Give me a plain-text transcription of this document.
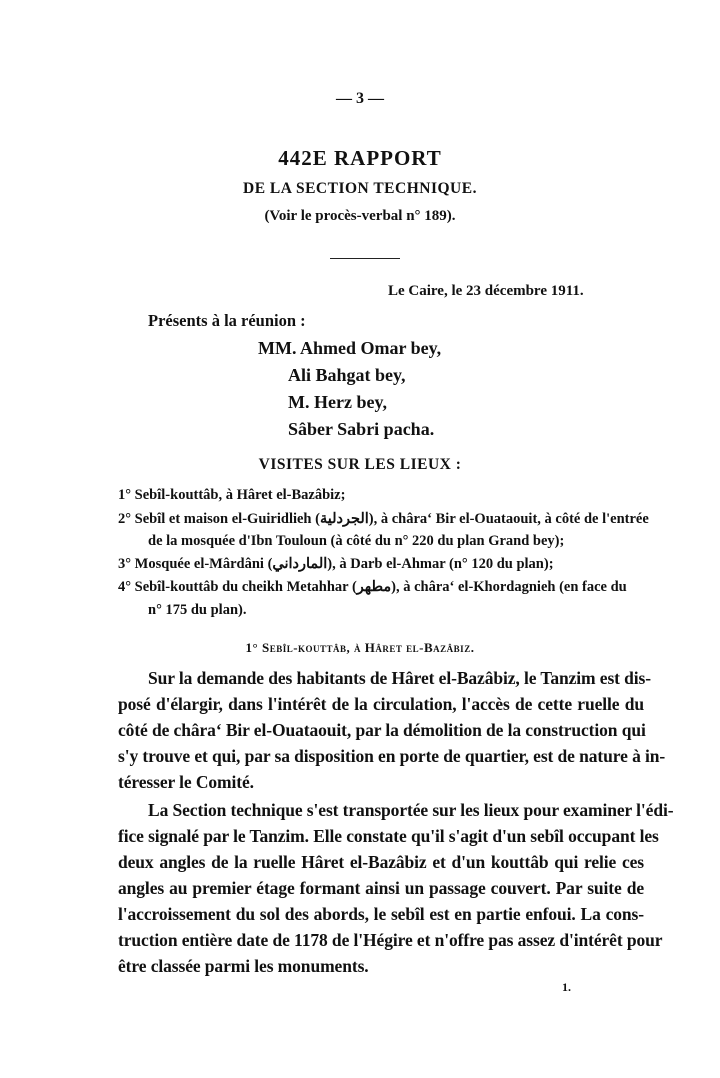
— 3 —
442E RAPPORT
DE LA SECTION TECHNIQUE.
(Voir le procès-verbal n° 189).
Le Caire, le 23 décembre 1911.
Présents à la réunion :
MM. Ahmed Omar bey,
Ali Bahgat bey,
M. Herz bey,
Sâber Sabri pacha.
VISITES SUR LES LIEUX :
1° Sebîl-kouttâb, à Hâret el-Bazâbiz;
2° Sebîl et maison el-Guiridlieh (الجردلية), à châra‘ Bir el-Ouataouit, à côté de l'entrée
de la mosquée d'Ibn Touloun (à côté du n° 220 du plan Grand bey);
3° Mosquée el-Mârdâni (المارداني), à Darb el-Ahmar (n° 120 du plan);
4° Sebîl-kouttâb du cheikh Metahhar (مطهر), à châra‘ el-Khordagnieh (en face du
n° 175 du plan).
1° Sebîl-kouttâb, à Hâret el-Bazâbiz.
Sur la demande des habitants de Hâret el-Bazâbiz, le Tanzim est dis-
posé d'élargir, dans l'intérêt de la circulation, l'accès de cette ruelle du
côté de châra‘ Bir el-Ouataouit, par la démolition de la construction qui
s'y trouve et qui, par sa disposition en porte de quartier, est de nature à in-
téresser le Comité.
La Section technique s'est transportée sur les lieux pour examiner l'édi-
fice signalé par le Tanzim. Elle constate qu'il s'agit d'un sebîl occupant les
deux angles de la ruelle Hâret el-Bazâbiz et d'un kouttâb qui relie ces
angles au premier étage formant ainsi un passage couvert. Par suite de
l'accroissement du sol des abords, le sebîl est en partie enfoui. La cons-
truction entière date de 1178 de l'Hégire et n'offre pas assez d'intérêt pour
être classée parmi les monuments.
1.
